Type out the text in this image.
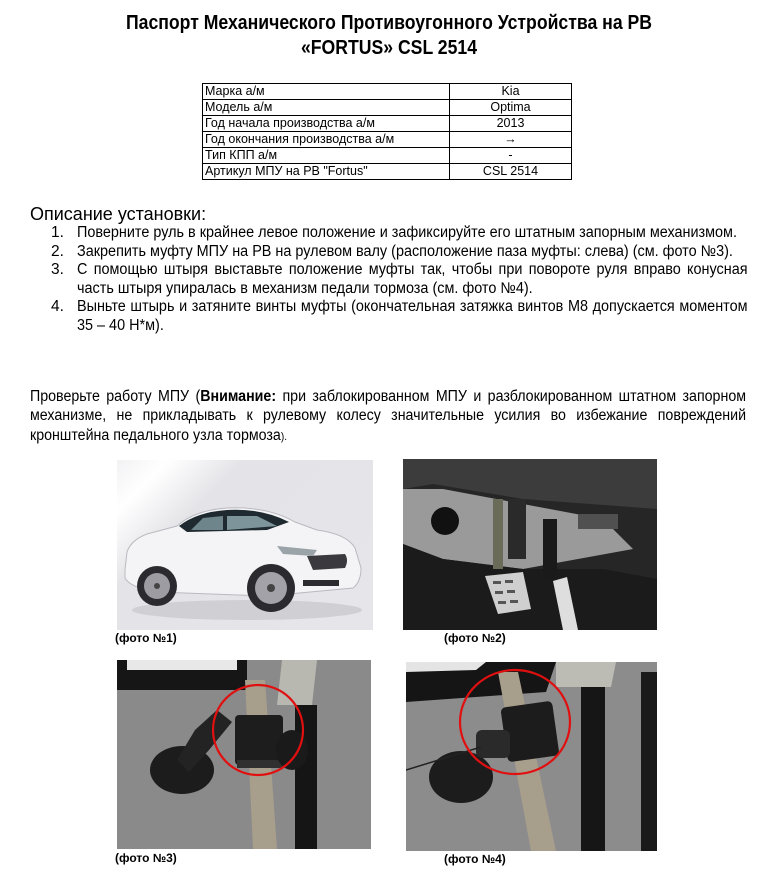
Паспорт Механического Противоугонного Устройства на РВ
«FORTUS» CSL 2514
Марка а/м	Kia
Модель а/м	Optima
Год начала производства а/м	2013
Год окончания производства а/м	→
Тип КПП а/м	-
Артикул МПУ на РВ "Fortus"	CSL 2514
Описание установки:
1. Поверните руль в крайнее левое положение и зафиксируйте его штатным запорным механизмом.
2. Закрепить муфту МПУ на РВ на рулевом валу (расположение паза муфты: слева) (см. фото №3).
3. С помощью штыря выставьте положение муфты так, чтобы при повороте руля вправо конусная часть штыря упиралась в механизм педали тормоза (см. фото №4).
4. Выньте штырь и затяните винты муфты (окончательная затяжка винтов М8 допускается моментом 35 – 40 Н*м).
Проверьте работу МПУ (Внимание: при заблокированном МПУ и разблокированном штатном запорном механизме, не прикладывать к рулевому колесу значительные усилия во избежание повреждений кронштейна педального узла тормоза).
(фото №1)	(фото №2)
(фото №3)	(фото №4)
